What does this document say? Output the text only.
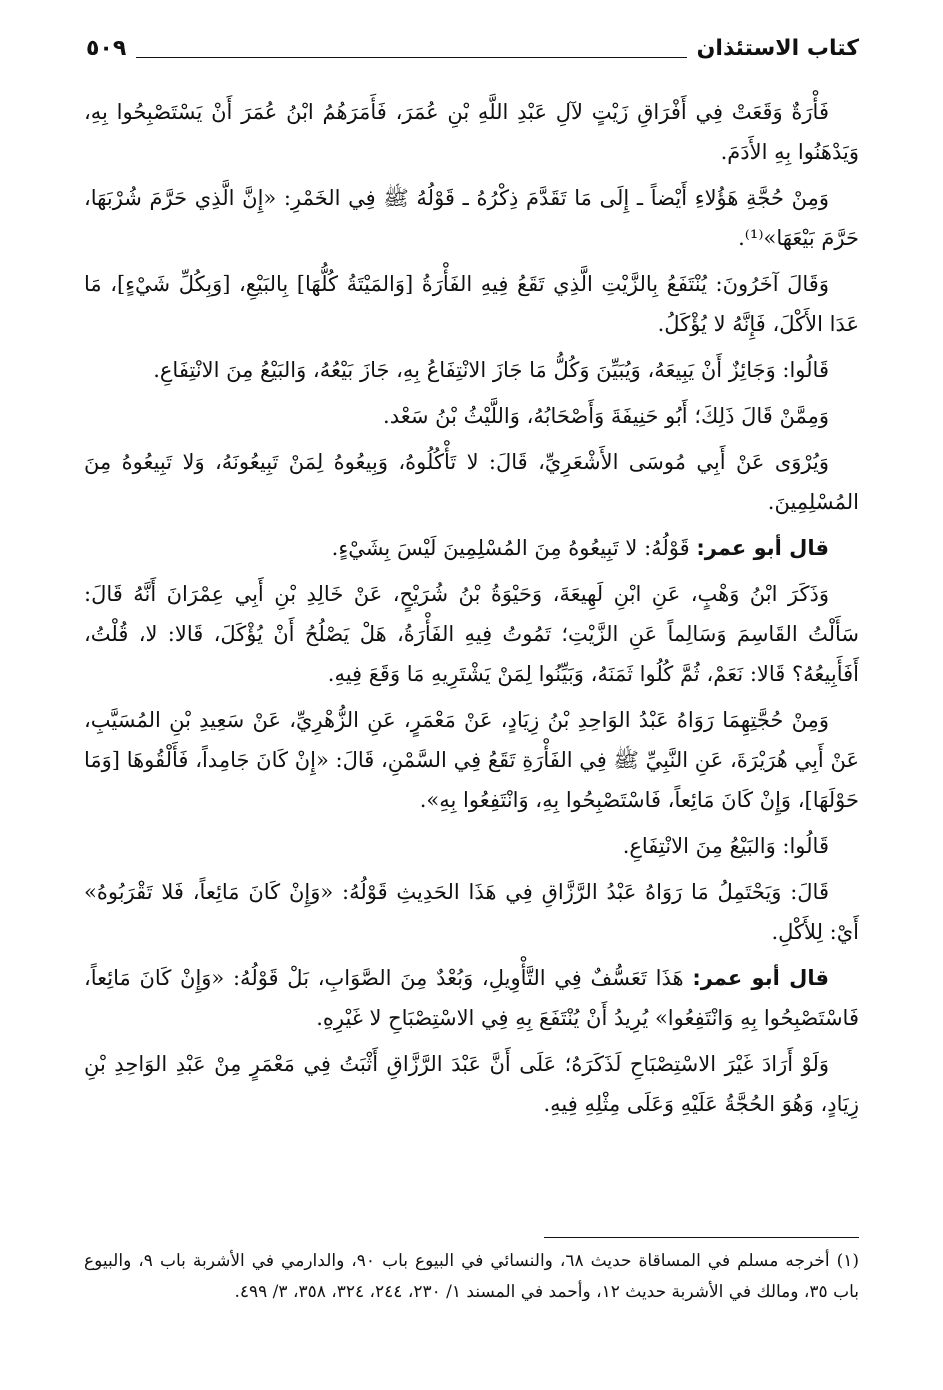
كتاب الاستئذان
٥٠٩

فَأْرَةٌ وَقَعَتْ فِي أَفْرَاقِ زَيْتٍ لآلِ عَبْدِ اللَّهِ بْنِ عُمَرَ، فَأَمَرَهُمُ ابْنُ عُمَرَ أَنْ يَسْتَصْبِحُوا بِهِ، وَيَدْهَنُوا بِهِ الأَدَمَ.

وَمِنْ حُجَّةِ هَؤُلاءِ أَيْضاً ـ إِلَى مَا تَقَدَّمَ ذِكْرُهُ ـ قَوْلُهُ ﷺ فِي الخَمْرِ: «إِنَّ الَّذِي حَرَّمَ شُرْبَهَا، حَرَّمَ بَيْعَهَا»⁽¹⁾.

وَقَالَ آخَرُونَ: يُنْتَفَعُ بِالزَّيْتِ الَّذِي تَقَعُ فِيهِ الفَأْرَةُ [وَالمَيْتَةُ كُلُّهَا] بِالبَيْعِ، [وَبِكُلِّ شَيْءٍ]، مَا عَدَا الأَكْلَ، فَإِنَّهُ لا يُؤْكَلُ.

قَالُوا: وَجَائِزٌ أَنْ يَبِيعَهُ، وَيُبَيِّنَ وَكُلُّ مَا جَازَ الانْتِفَاعُ بِهِ، جَازَ بَيْعُهُ، وَالبَيْعُ مِنَ الانْتِفَاعِ.

وَمِمَّنْ قَالَ ذَلِكَ؛ أَبُو حَنِيفَةَ وَأَصْحَابُهُ، وَاللَّيْثُ بْنُ سَعْد.

وَيُرْوَى عَنْ أَبِي مُوسَى الأَشْعَرِيِّ، قَالَ: لا تَأْكُلُوهُ، وَبِيعُوهُ لِمَنْ تَبِيعُونَهُ، وَلا تَبِيعُوهُ مِنَ المُسْلِمِينَ.

قال أبو عمر: قَوْلُهُ: لا تَبِيعُوهُ مِنَ المُسْلِمِينَ لَيْسَ بِشَيْءٍ.

وَذَكَرَ ابْنُ وَهْبٍ، عَنِ ابْنِ لَهِيعَةَ، وَحَيْوَةُ بْنُ شُرَيْحٍ، عَنْ خَالِدِ بْنِ أَبِي عِمْرَانَ أَنَّهُ قَالَ: سَأَلْتُ القَاسِمَ وَسَالِماً عَنِ الزَّيْتِ؛ تَمُوتُ فِيهِ الفَأْرَةُ، هَلْ يَصْلُحُ أَنْ يُؤْكَلَ، قَالا: لا، قُلْتُ، أَفَأَبِيعُهُ؟ قَالا: نَعَمْ، ثُمَّ كُلُوا ثَمَنَهُ، وَبَيِّنُوا لِمَنْ يَشْتَرِيهِ مَا وَقَعَ فِيهِ.

وَمِنْ حُجَّتِهِمَا رَوَاهُ عَبْدُ الوَاحِدِ بْنُ زِيَادٍ، عَنْ مَعْمَرٍ، عَنِ الزُّهْرِيِّ، عَنْ سَعِيدِ بْنِ المُسَيَّبِ، عَنْ أَبِي هُرَيْرَةَ، عَنِ النَّبِيِّ ﷺ فِي الفَأْرَةِ تَقَعُ فِي السَّمْنِ، قَالَ: «إِنْ كَانَ جَامِداً، فَأَلْقُوهَا [وَمَا حَوْلَهَا]، وَإِنْ كَانَ مَائِعاً، فَاسْتَصْبِحُوا بِهِ، وَانْتَفِعُوا بِهِ».

قَالُوا: وَالبَيْعُ مِنَ الانْتِفَاعِ.

قَالَ: وَيَحْتَمِلُ مَا رَوَاهُ عَبْدُ الرَّزَّاقِ فِي هَذَا الحَدِيثِ قَوْلُهُ: «وَإِنْ كَانَ مَائِعاً، فَلا تَقْرَبُوهُ» أَيْ: لِلأَكْلِ.

قال أبو عمر: هَذَا تَعَسُّفٌ فِي التَّأْوِيلِ، وَبُعْدٌ مِنَ الصَّوَابِ، بَلْ قَوْلُهُ: «وَإِنْ كَانَ مَائِعاً، فَاسْتَصْبِحُوا بِهِ وَانْتَفِعُوا» يُرِيدُ أَنْ يُنْتَفَعَ بِهِ فِي الاسْتِصْبَاحِ لا غَيْرِهِ.

وَلَوْ أَرَادَ غَيْرَ الاسْتِصْبَاحِ لَذَكَرَهُ؛ عَلَى أَنَّ عَبْدَ الرَّزَّاقِ أَثْبَتُ فِي مَعْمَرٍ مِنْ عَبْدِ الوَاحِدِ بْنِ زِيَادٍ، وَهُوَ الحُجَّةُ عَلَيْهِ وَعَلَى مِثْلِهِ فِيهِ.

(١) أخرجه مسلم في المساقاة حديث ٦٨، والنسائي في البيوع باب ٩٠، والدارمي في الأشربة باب ٩، والبيوع باب ٣٥، ومالك في الأشربة حديث ١٢، وأحمد في المسند ١/ ٢٣٠، ٢٤٤، ٣٢٤، ٣٥٨، ٣/ ٤٩٩.
